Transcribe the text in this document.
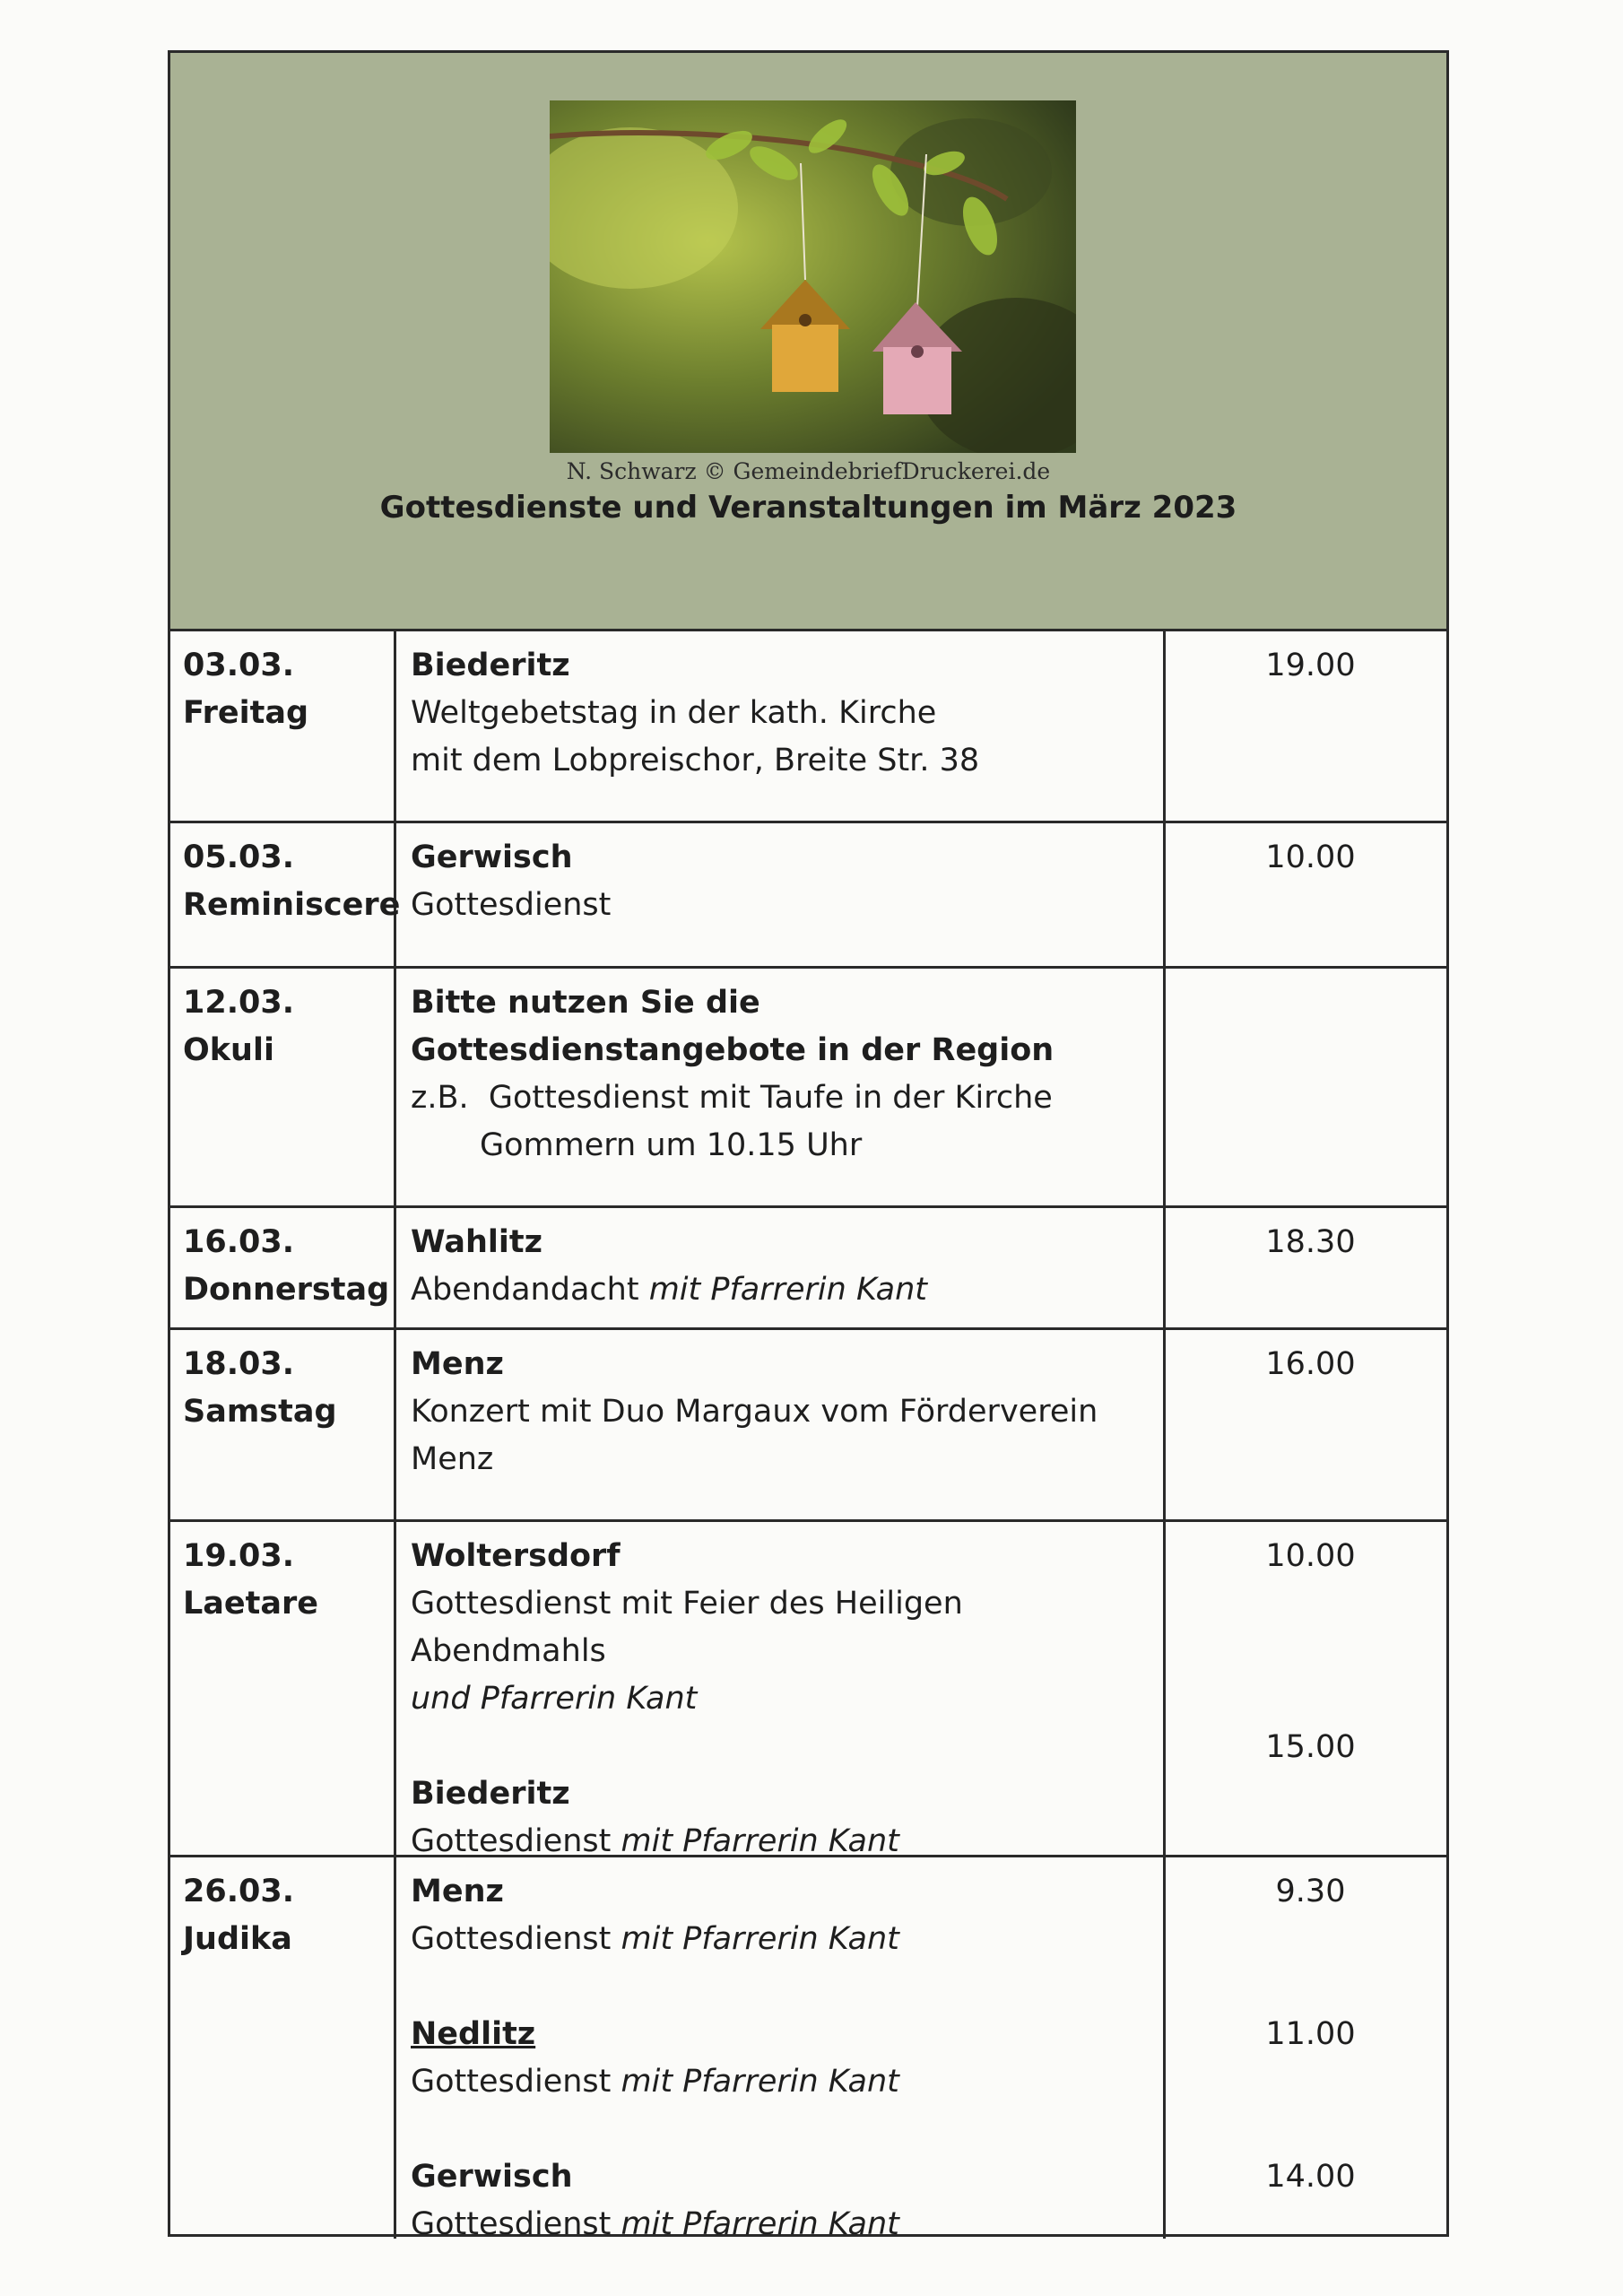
N. Schwarz © GemeindebriefDruckerei.de
Gottesdienste und Veranstaltungen im März 2023
03.03.
Freitag
Biederitz
Weltgebetstag in der kath. Kirche
mit dem Lobpreischor, Breite Str. 38
19.00
05.03.
Reminiscere
Gerwisch
Gottesdienst
10.00
12.03.
Okuli
Bitte nutzen Sie die
Gottesdienstangebote in der Region
z.B.  Gottesdienst mit Taufe in der Kirche
Gommern um 10.15 Uhr
16.03.
Donnerstag
Wahlitz
Abendandacht mit Pfarrerin Kant
18.30
18.03.
Samstag
Menz
Konzert mit Duo Margaux vom Förderverein
Menz
16.00
19.03.
Laetare
Woltersdorf
Gottesdienst mit Feier des Heiligen
Abendmahls
und Pfarrerin Kant
Biederitz
Gottesdienst mit Pfarrerin Kant
10.00
15.00
26.03.
Judika
Menz
Gottesdienst mit Pfarrerin Kant
Nedlitz
Gottesdienst mit Pfarrerin Kant
Gerwisch
Gottesdienst mit Pfarrerin Kant
9.30
11.00
14.00
